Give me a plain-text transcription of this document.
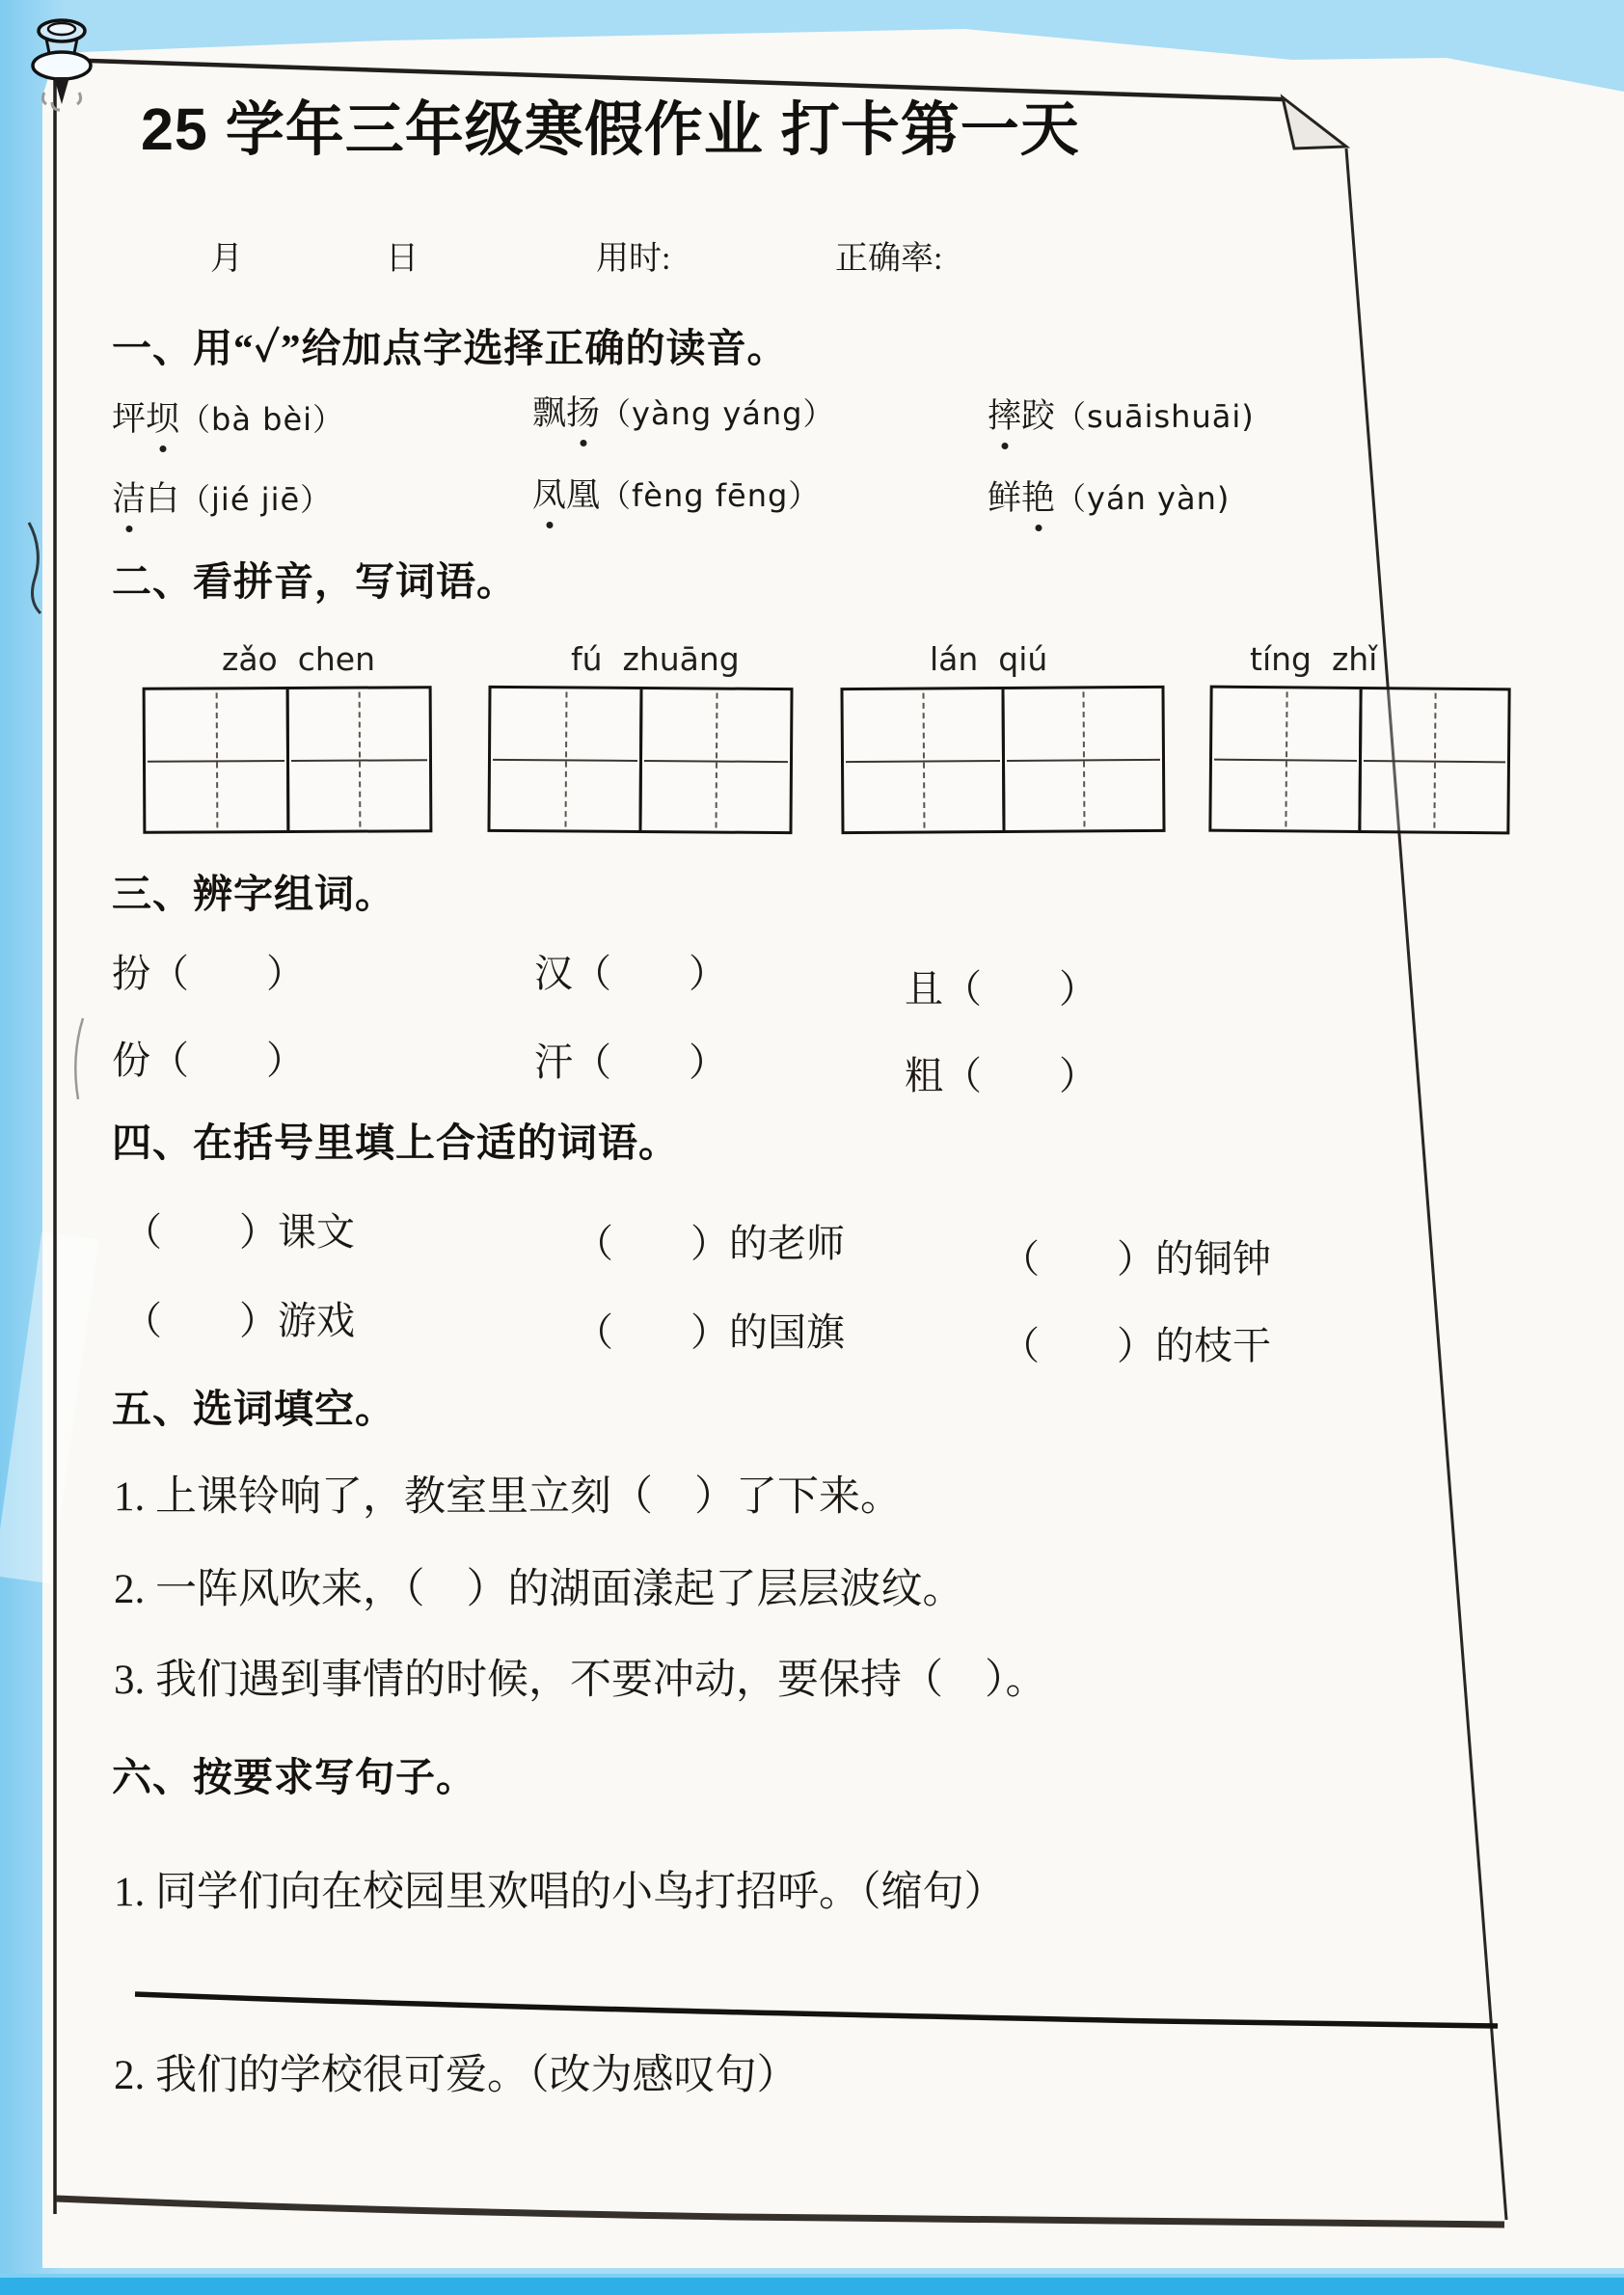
25 学年三年级寒假作业 打卡第一天

月

	日

	用时:

	正确率:

一、用“✓”给加点字选择正确的读音。
坪坝（bà bèi）	飘扬（yàng yáng）	摔跤（suāishuāi)
洁白（jié jiē）	凤凰（fèng fēng）	鲜艳（yán yàn)
二、看拼音，写词语。
zǎo  chen	fú  zhuāng	lán  qiú	tíng  zhǐ
三、辨字组词。
扮（　　）	汉（　　）	且（　　）
份（　　）	汗（　　）	粗（　　）
四、在括号里填上合适的词语。
（　　）课文	（　　）的老师	（　　）的铜钟
（　　）游戏	（　　）的国旗	（　　）的枝干
五、选词填空。
1. 上课铃响了，教室里立刻（　）了下来。
2. 一阵风吹来，（　）的湖面漾起了层层波纹。
3. 我们遇到事情的时候，不要冲动，要保持（　）。
六、按要求写句子。
1. 同学们向在校园里欢唱的小鸟打招呼。（缩句）
2. 我们的学校很可爱。（改为感叹句）
